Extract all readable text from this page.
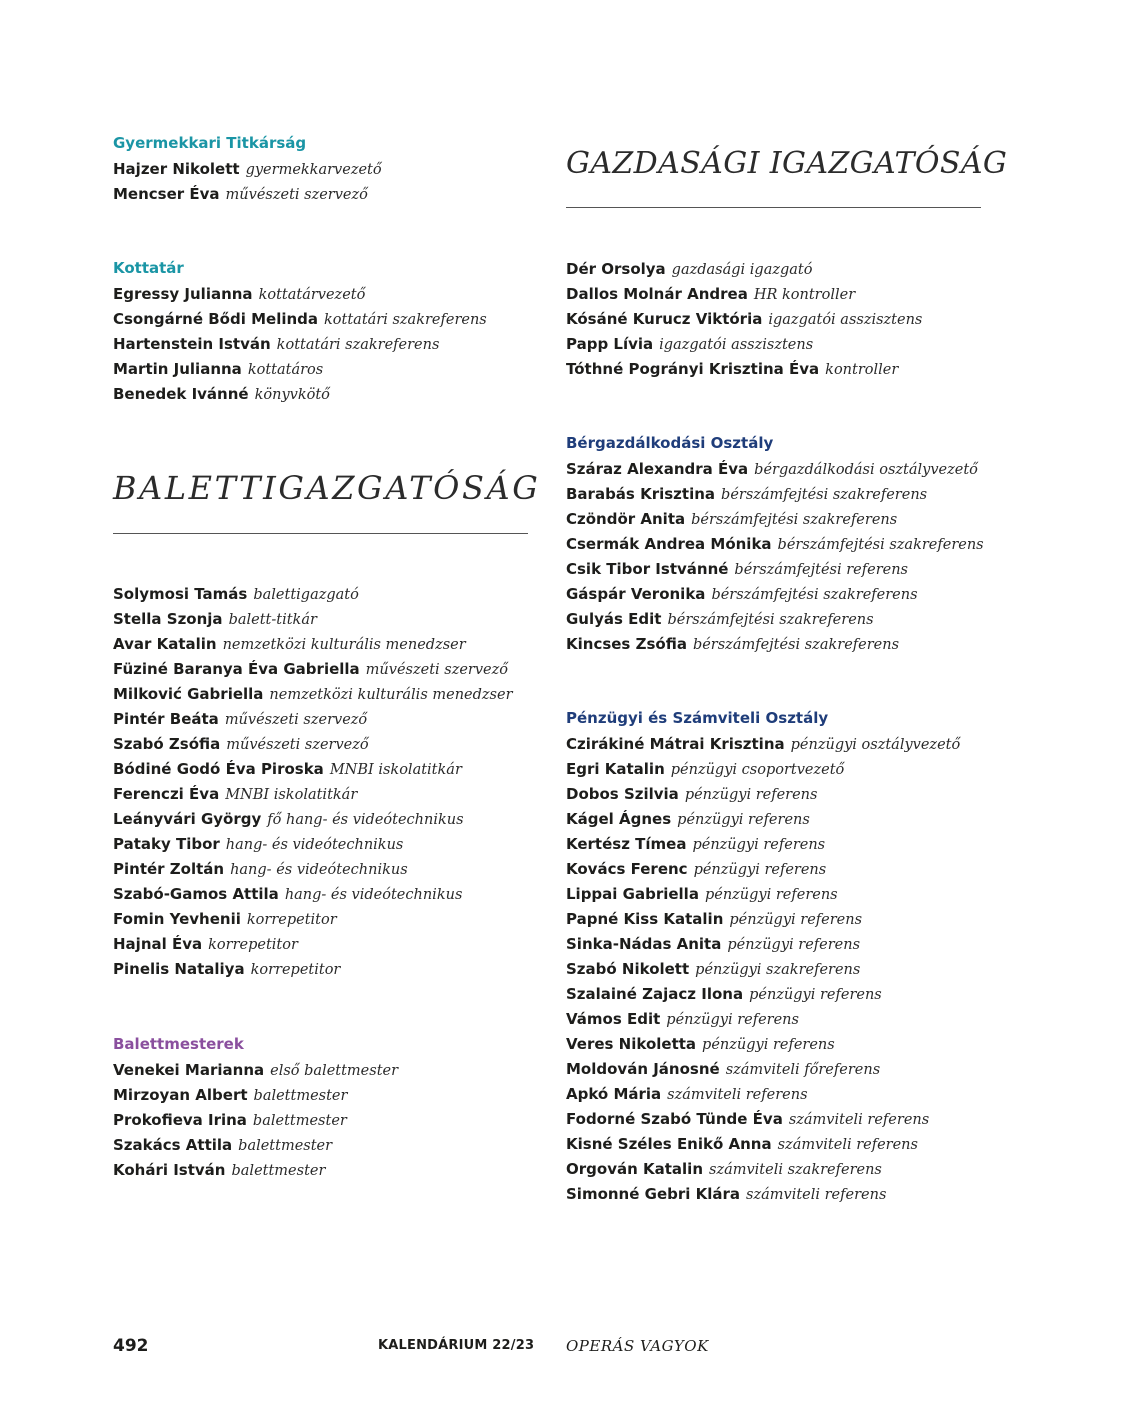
Gyermekkari Titkárság
Hajzer Nikolett gyermekkarvezető
Mencser Éva művészeti szervező
Kottatár
Egressy Julianna kottatárvezető
Csongárné Bődi Melinda kottatári szakreferens
Hartenstein István kottatári szakreferens
Martin Julianna kottatáros
Benedek Ivánné könyvkötő
BALETTIGAZGATÓSÁG
Solymosi Tamás balettigazgató
Stella Szonja balett-titkár
Avar Katalin nemzetközi kulturális menedzser
Füziné Baranya Éva Gabriella művészeti szervező
Milković Gabriella nemzetközi kulturális menedzser
Pintér Beáta művészeti szervező
Szabó Zsófia művészeti szervező
Bódiné Godó Éva Piroska MNBI iskolatitkár
Ferenczi Éva MNBI iskolatitkár
Leányvári György fő hang- és videótechnikus
Pataky Tibor hang- és videótechnikus
Pintér Zoltán hang- és videótechnikus
Szabó-Gamos Attila hang- és videótechnikus
Fomin Yevhenii korrepetitor
Hajnal Éva korrepetitor
Pinelis Nataliya korrepetitor
Balettmesterek
Venekei Marianna első balettmester
Mirzoyan Albert balettmester
Prokofieva Irina balettmester
Szakács Attila balettmester
Kohári István balettmester
GAZDASÁGI IGAZGATÓSÁG
Dér Orsolya gazdasági igazgató
Dallos Molnár Andrea HR kontroller
Kósáné Kurucz Viktória igazgatói asszisztens
Papp Lívia igazgatói asszisztens
Tóthné Pogrányi Krisztina Éva kontroller
Bérgazdálkodási Osztály
Száraz Alexandra Éva bérgazdálkodási osztályvezető
Barabás Krisztina bérszámfejtési szakreferens
Czöndör Anita bérszámfejtési szakreferens
Csermák Andrea Mónika bérszámfejtési szakreferens
Csik Tibor Istvánné bérszámfejtési referens
Gáspár Veronika bérszámfejtési szakreferens
Gulyás Edit bérszámfejtési szakreferens
Kincses Zsófia bérszámfejtési szakreferens
Pénzügyi és Számviteli Osztály
Czirákiné Mátrai Krisztina pénzügyi osztályvezető
Egri Katalin pénzügyi csoportvezető
Dobos Szilvia pénzügyi referens
Kágel Ágnes pénzügyi referens
Kertész Tímea pénzügyi referens
Kovács Ferenc pénzügyi referens
Lippai Gabriella pénzügyi referens
Papné Kiss Katalin pénzügyi referens
Sinka-Nádas Anita pénzügyi referens
Szabó Nikolett pénzügyi szakreferens
Szalainé Zajacz Ilona pénzügyi referens
Vámos Edit pénzügyi referens
Veres Nikoletta pénzügyi referens
Moldován Jánosné számviteli főreferens
Apkó Mária számviteli referens
Fodorné Szabó Tünde Éva számviteli referens
Kisné Széles Enikő Anna számviteli referens
Orgován Katalin számviteli szakreferens
Simonné Gebri Klára számviteli referens
492	KALENDÁRIUM 22/23 OPERÁS VAGYOK
